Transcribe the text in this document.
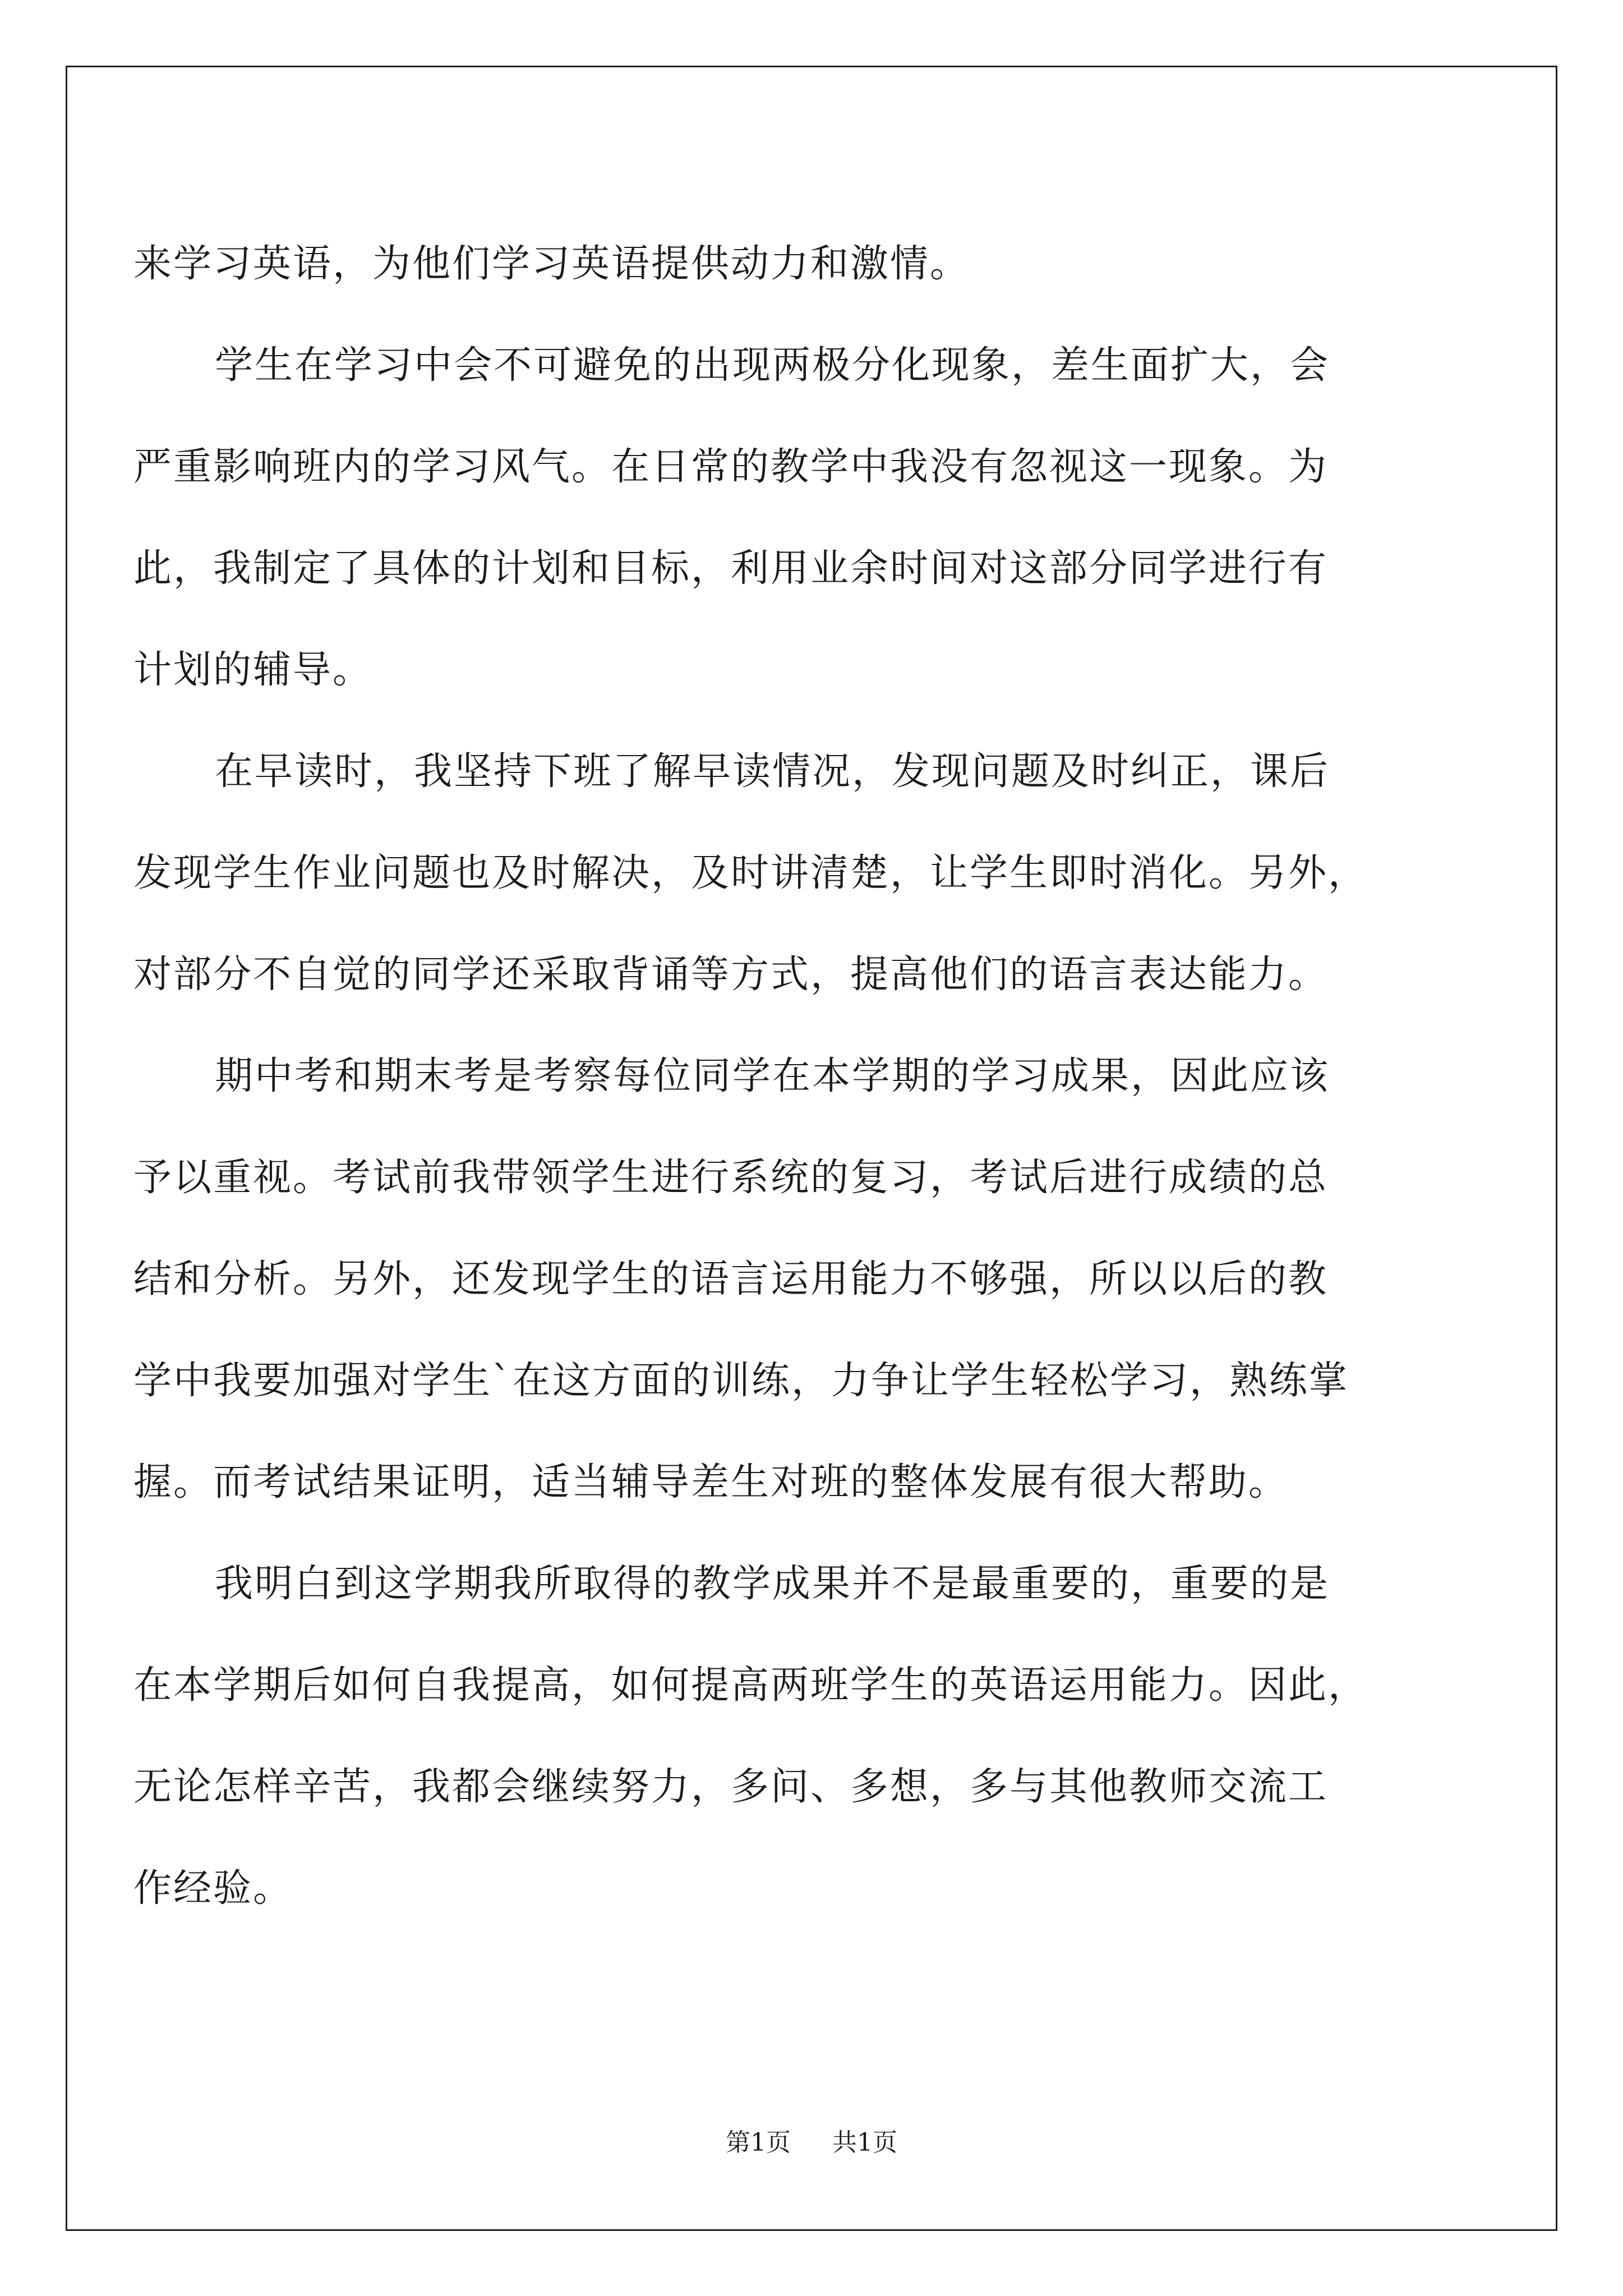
来学习英语，为他们学习英语提供动力和激情。

学生在学习中会不可避免的出现两极分化现象，差生面扩大，会
严重影响班内的学习风气。在日常的教学中我没有忽视这一现象。为
此，我制定了具体的计划和目标，利用业余时间对这部分同学进行有
计划的辅导。

在早读时，我坚持下班了解早读情况，发现问题及时纠正，课后
发现学生作业问题也及时解决，及时讲清楚，让学生即时消化。另外，
对部分不自觉的同学还采取背诵等方式，提高他们的语言表达能力。

期中考和期末考是考察每位同学在本学期的学习成果，因此应该
予以重视。考试前我带领学生进行系统的复习，考试后进行成绩的总
结和分析。另外，还发现学生的语言运用能力不够强，所以以后的教
学中我要加强对学生`在这方面的训练，力争让学生轻松学习，熟练掌
握。而考试结果证明，适当辅导差生对班的整体发展有很大帮助。

我明白到这学期我所取得的教学成果并不是最重要的，重要的是
在本学期后如何自我提高，如何提高两班学生的英语运用能力。因此，
无论怎样辛苦，我都会继续努力，多问、多想，多与其他教师交流工
作经验。

第1页 共1页
